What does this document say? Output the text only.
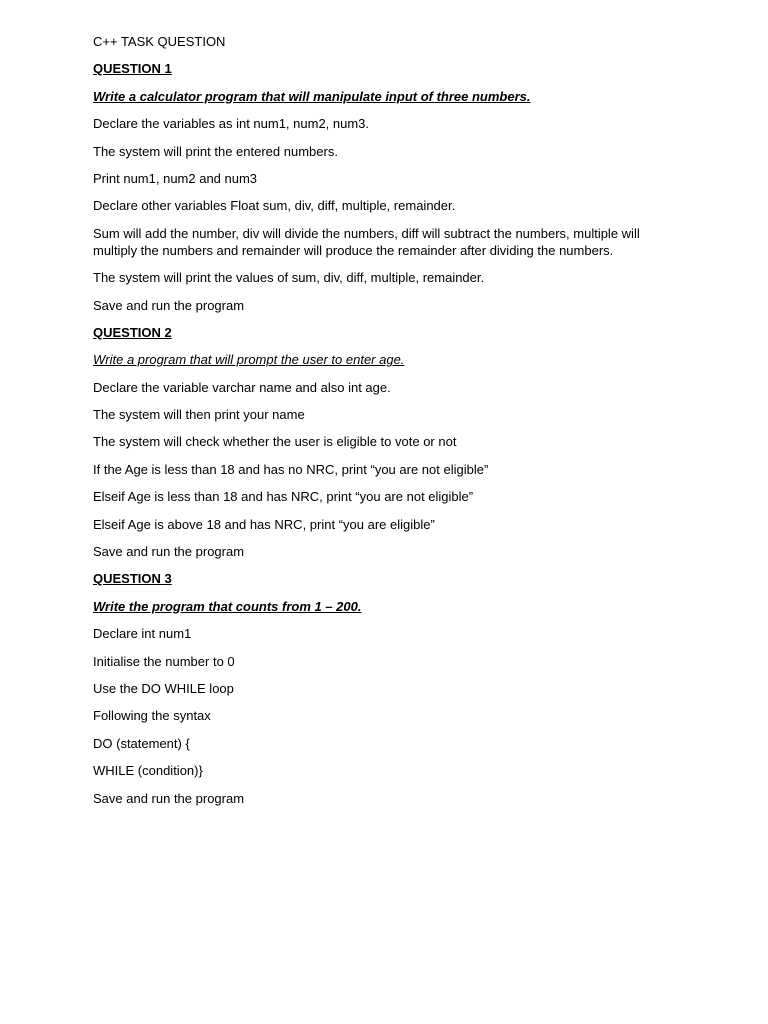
C++ TASK QUESTION

QUESTION 1

Write a calculator program that will manipulate input of three numbers.

Declare the variables as int num1, num2, num3.

The system will print the entered numbers.

Print num1, num2 and num3

Declare other variables Float sum, div, diff, multiple, remainder.

Sum will add the number, div will divide the numbers, diff will subtract the numbers, multiple will multiply the numbers and remainder will produce the remainder after dividing the numbers.

The system will print the values of sum, div, diff, multiple, remainder.

Save and run the program

QUESTION 2

Write a program that will prompt the user to enter age.

Declare the variable varchar name and also int age.

The system will then print your name

The system will check whether the user is eligible to vote or not

If the Age is less than 18 and has no NRC, print “you are not eligible”

Elseif Age is less than 18 and has NRC, print “you are not eligible”

Elseif Age is above 18 and has NRC, print “you are eligible”

Save and run the program

QUESTION 3

Write the program that counts from 1 – 200.

Declare int num1

Initialise the number to 0

Use the DO WHILE loop

Following the syntax

DO (statement) {

WHILE (condition)}

Save and run the program
